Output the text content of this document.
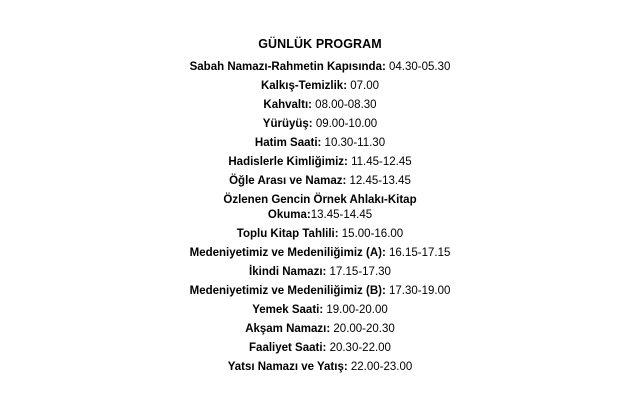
GÜNLÜK PROGRAM
Sabah Namazı-Rahmetin Kapısında: 04.30-05.30
Kalkış-Temizlik: 07.00
Kahvaltı: 08.00-08.30
Yürüyüş: 09.00-10.00
Hatim Saati: 10.30-11.30
Hadislerle Kimliğimiz: 11.45-12.45
Öğle Arası ve Namaz: 12.45-13.45
Özlenen Gencin Örnek Ahlakı-Kitap
Okuma:13.45-14.45
Toplu Kitap Tahlili: 15.00-16.00
Medeniyetimiz ve Medeniliğimiz (A): 16.15-17.15
İkindi Namazı: 17.15-17.30
Medeniyetimiz ve Medeniliğimiz (B): 17.30-19.00
Yemek Saati: 19.00-20.00
Akşam Namazı: 20.00-20.30
Faaliyet Saati: 20.30-22.00
Yatsı Namazı ve Yatış: 22.00-23.00
